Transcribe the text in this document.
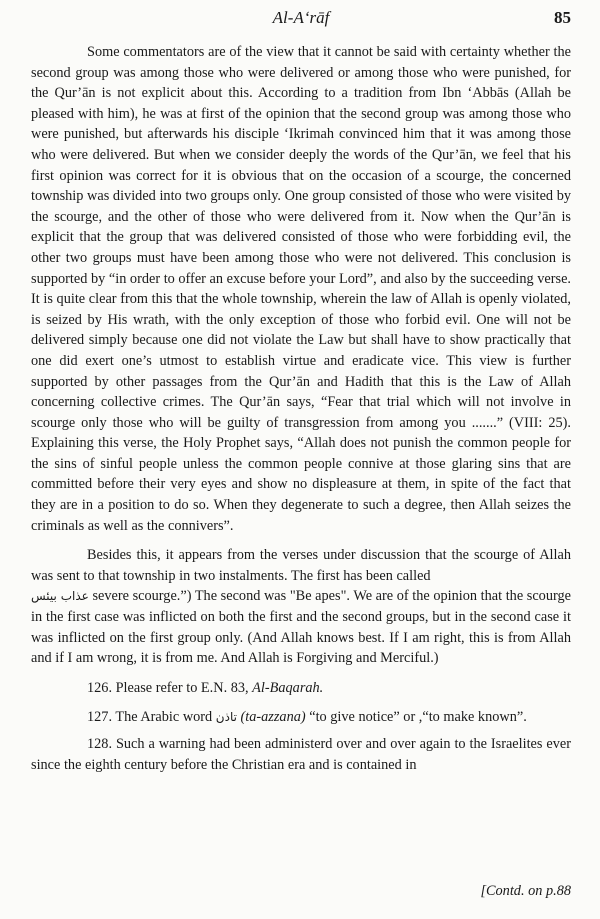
Al-A‘rāf	85

Some commentators are of the view that it cannot be said with certainty whether the second group was among those who were delivered or among those who were punished, for the Qur’ān is not explicit about this. According to a tradition from Ibn ‘Abbās (Allah be pleased with him), he was at first of the opinion that the second group was among those who were punished, but afterwards his disciple ‘Ikrimah convinced him that it was among those who were delivered. But when we consider deeply the words of the Qur’ān, we feel that his first opinion was correct for it is obvious that on the occasion of a scourge, the concerned township was divided into two groups only. One group consisted of those who were visited by the scourge, and the other of those who were delivered from it. Now when the Qur’ān is explicit that the group that was delivered consisted of those who were forbidding evil, the other two groups must have been among those who were not delivered. This conclusion is supported by “in order to offer an excuse before your Lord”, and also by the succeeding verse. It is quite clear from this that the whole township, wherein the law of Allah is openly violated, is seized by His wrath, with the only exception of those who forbid evil. One will not be delivered simply because one did not violate the Law but shall have to show practically that one did exert one’s utmost to establish virtue and eradicate vice. This view is further supported by other passages from the Qur’ān and Hadith that this is the Law of Allah concerning collective crimes. The Qur’ān says, “Fear that trial which will not involve in scourge only those who will be guilty of transgression from among you .......” (VIII: 25). Explaining this verse, the Holy Prophet says, “Allah does not punish the common people for the sins of sinful people unless the common people connive at those glaring sins that are committed before their very eyes and show no displeasure at them, in spite of the fact that they are in a position to do so. When they degenerate to such a degree, then Allah seizes the criminals as well as the connivers”.

Besides this, it appears from the verses under discussion that the scourge of Allah was sent to that township in two instalments. The first has been called
عذاب بيئس severe scourge.”) The second was "Be apes". We are of the opinion that the scourge in the first case was inflicted on both the first and the second groups, but in the second case it was inflicted on the first group only. (And Allah knows best. If I am right, this is from Allah and if I am wrong, it is from me. And Allah is Forgiving and Merciful.)

126. Please refer to E.N. 83, Al-Baqarah.

127. The Arabic word تاذن (ta-azzana) “to give notice” or ,“to make known”.

128. Such a warning had been administerd over and over again to the Israelites ever since the eighth century before the Christian era and is contained in

[Contd. on p.88
